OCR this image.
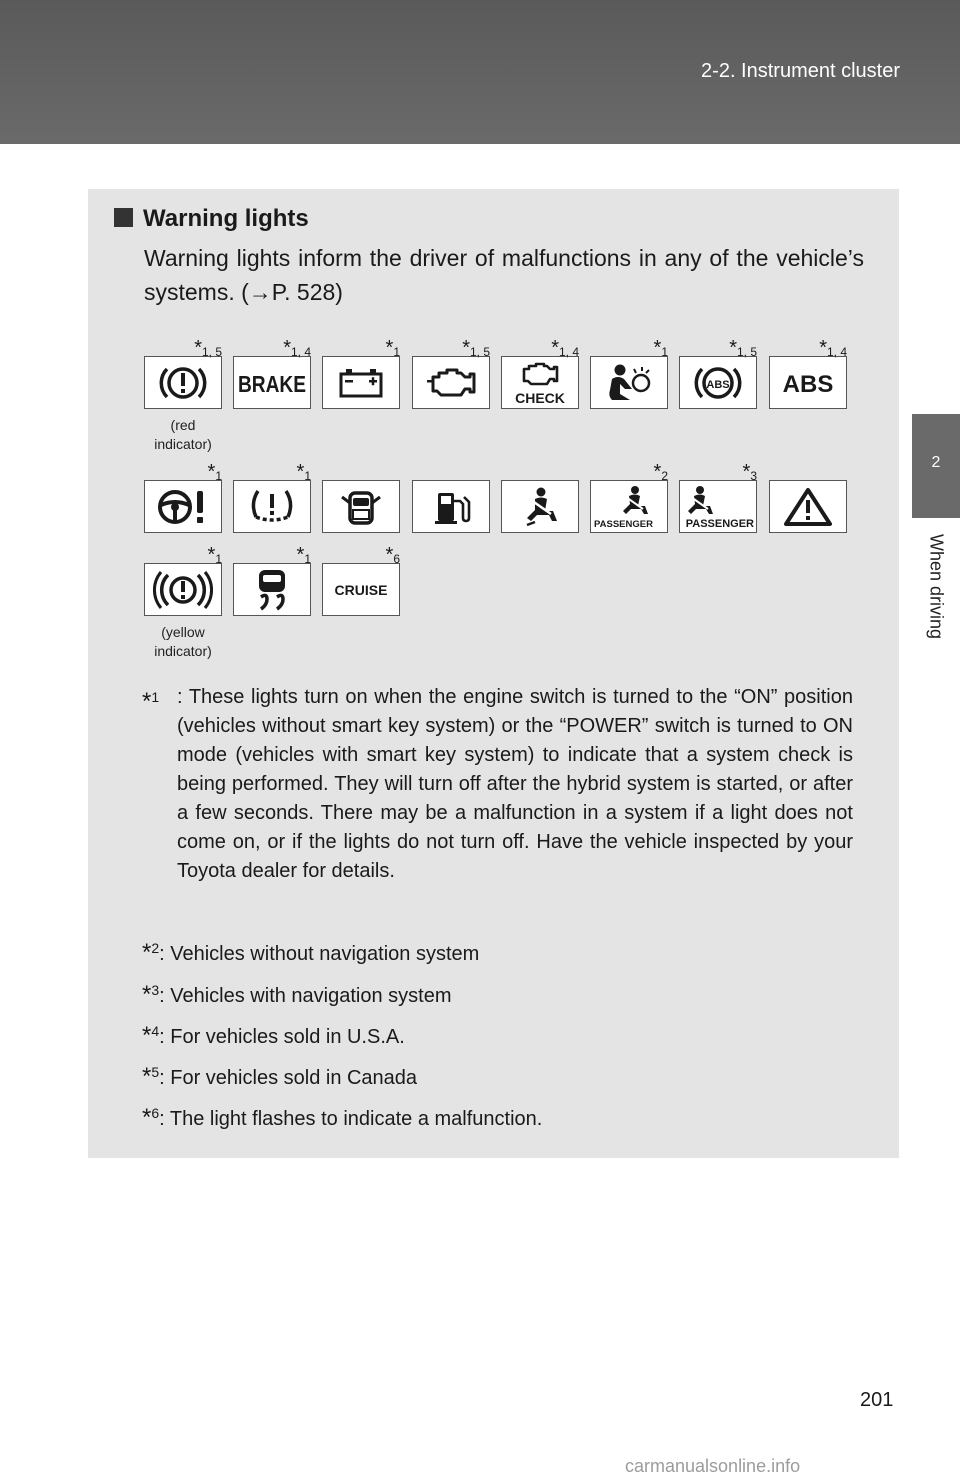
2-2. Instrument cluster
2
When driving
Warning lights
Warning lights inform the driver of malfunctions in any of the vehicle’s systems. (→P. 528)
*1, 5
(red indicator)
BRAKE
*1, 4	*1	*1, 5
CHECK
*1, 4	*1
ABS
*1, 5
ABS
*1, 4
*1	*1
PASSENGER
*2
PASSENGER
*3
*1
(yellow indicator)
*1
CRUISE
*6
*$^1$ : These lights turn on when the engine switch is turned to the “ON” position (vehicles without smart key system) or the “POWER” switch is turned to ON mode (vehicles with smart key system) to indicate that a system check is being performed. They will turn off after the hybrid system is started, or after a few seconds. There may be a malfunction in a system if a light does not come on, or if the lights do not turn off. Have the vehicle inspected by your Toyota dealer for details.
*$^2$: Vehicles without navigation system
*$^3$: Vehicles with navigation system
*$^4$: For vehicles sold in U.S.A.
*$^5$: For vehicles sold in Canada
*$^6$: The light flashes to indicate a malfunction.
201
carmanualsonline.info
